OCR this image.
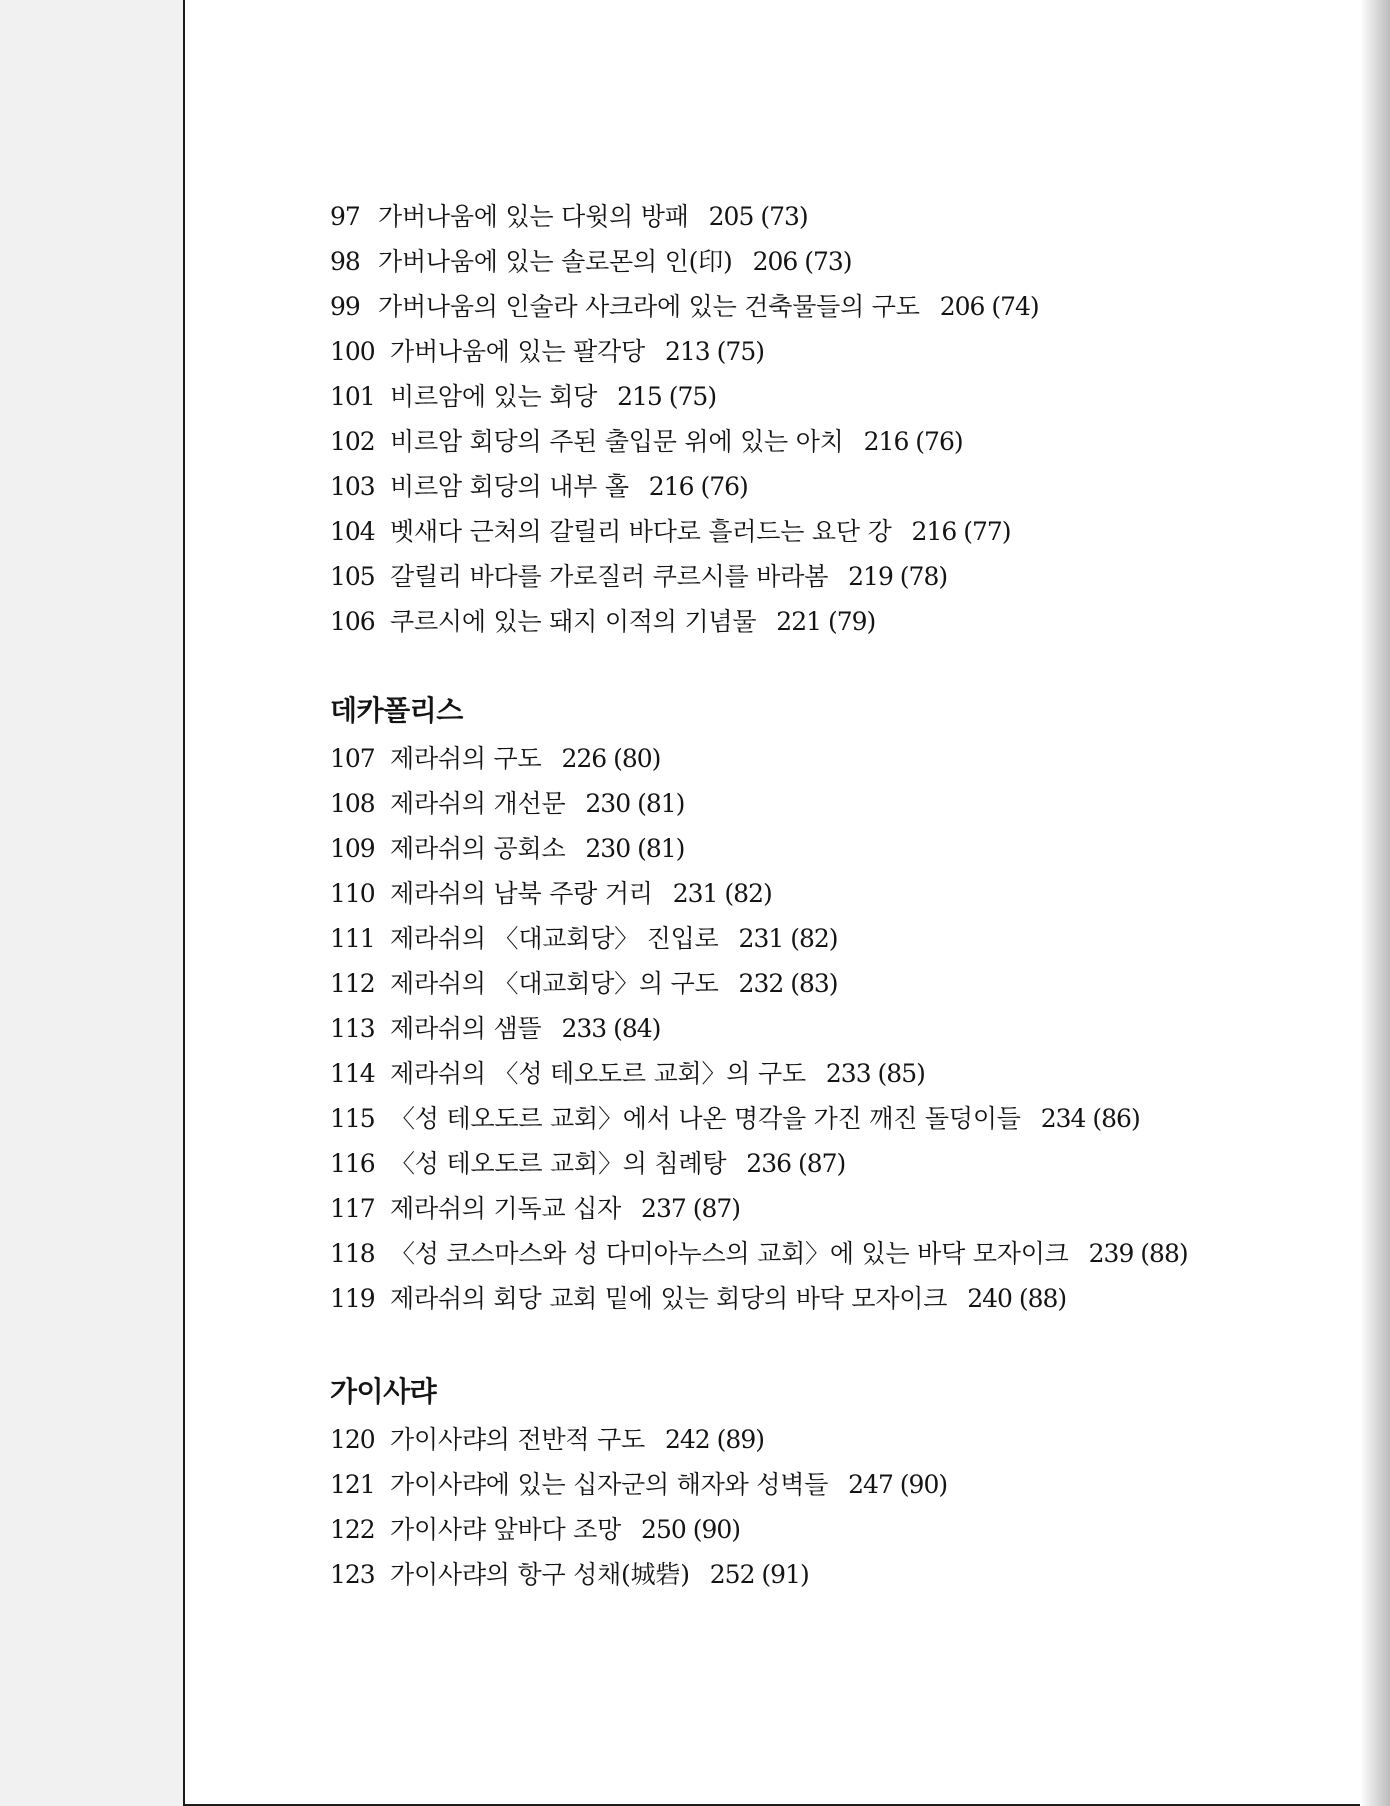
97 가버나움에 있는 다윗의 방패 205 (73)
98 가버나움에 있는 솔로몬의 인(印) 206 (73)
99 가버나움의 인술라 사크라에 있는 건축물들의 구도 206 (74)
100 가버나움에 있는 팔각당 213 (75)
101 비르암에 있는 회당 215 (75)
102 비르암 회당의 주된 출입문 위에 있는 아치 216 (76)
103 비르암 회당의 내부 홀 216 (76)
104 벳새다 근처의 갈릴리 바다로 흘러드는 요단 강 216 (77)
105 갈릴리 바다를 가로질러 쿠르시를 바라봄 219 (78)
106 쿠르시에 있는 돼지 이적의 기념물 221 (79)
데카폴리스
107 제라쉬의 구도 226 (80)
108 제라쉬의 개선문 230 (81)
109 제라쉬의 공회소 230 (81)
110 제라쉬의 남북 주랑 거리 231 (82)
111 제라쉬의 〈대교회당〉 진입로 231 (82)
112 제라쉬의 〈대교회당〉의 구도 232 (83)
113 제라쉬의 샘뜰 233 (84)
114 제라쉬의 〈성 테오도르 교회〉의 구도 233 (85)
115 〈성 테오도르 교회〉에서 나온 명각을 가진 깨진 돌덩이들 234 (86)
116 〈성 테오도르 교회〉의 침례탕 236 (87)
117 제라쉬의 기독교 십자 237 (87)
118 〈성 코스마스와 성 다미아누스의 교회〉에 있는 바닥 모자이크 239 (88)
119 제라쉬의 회당 교회 밑에 있는 회당의 바닥 모자이크 240 (88)
가이사랴
120 가이사랴의 전반적 구도 242 (89)
121 가이사랴에 있는 십자군의 해자와 성벽들 247 (90)
122 가이사랴 앞바다 조망 250 (90)
123 가이사랴의 항구 성채(城砦) 252 (91)
